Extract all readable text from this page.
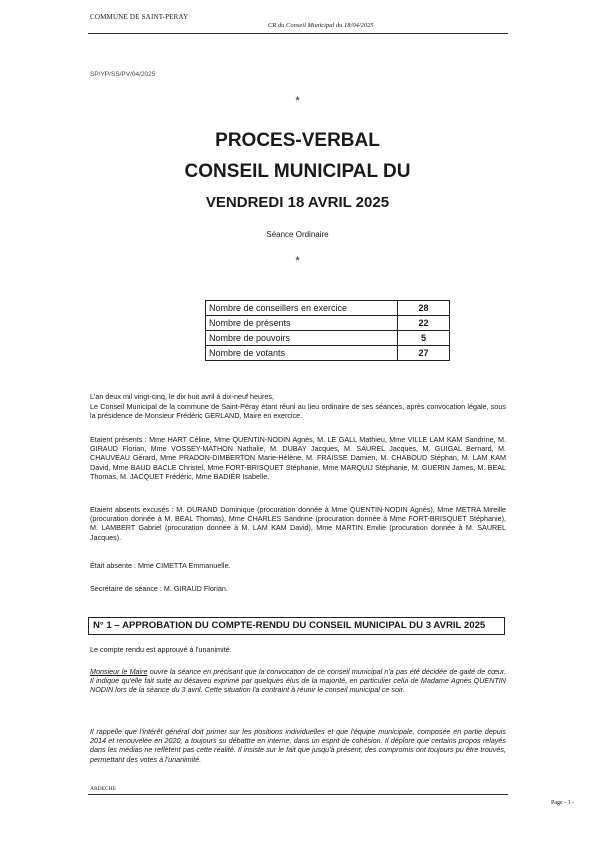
COMMUNE DE SAINT-PERAY
CR du Conseil Municipal du 18/04/2025
SP/YP/SS/PV/04/2025
*
PROCES-VERBAL
CONSEIL MUNICIPAL DU
VENDREDI 18 AVRIL 2025
Séance Ordinaire
*
Nombre de conseillers en exercice	28
Nombre de présents	22
Nombre de pouvoirs	5
Nombre de votants	27
L'an deux mil vingt-cinq, le dix huit avril à dix-neuf heures,
Le Conseil Municipal de la commune de Saint-Péray étant réuni au lieu ordinaire de ses séances, après convocation légale, sous la présidence de Monsieur Frédéric GERLAND, Maire en exercice.
Etaient présents : Mme HART Céline, Mme QUENTIN-NODIN Agnès, M. LE GALL Mathieu, Mme VILLE LAM KAM Sandrine, M. GIRAUD Florian, Mme VOSSEY-MATHON Nathalie, M. DUBAY Jacques, M. SAUREL Jacques, M. GUIGAL Bernard, M. CHAUVEAU Gérard, Mme PRADON-DIMBERTON Marie-Hélène, M. FRAISSE Damien, M. CHABOUD Stéphan, M. LAM KAM David, Mme BAUD BACLE Christel, Mme FORT-BRISQUET Stéphanie, Mme MARQUIJ Stéphanie, M. GUERIN James, M. BEAL Thomas, M. JACQUET Frédéric, Mme BADIER Isabelle.
Etaient absents excusés : M. DURAND Dominique (procuration donnée à Mme QUENTIN-NODIN Agnès), Mme METRA Mireille (procuration donnée à M. BEAL Thomas), Mme CHARLES Sandrine (procuration donnée à Mme FORT-BRISQUET Stéphanie), M. LAMBERT Gabriel (procuration donnée à M. LAM KAM David), Mme MARTIN Emilie (procuration donnée à M. SAUREL Jacques).
Était absente : Mme CIMETTA Emmanuelle.
Secrétaire de séance : M. GIRAUD Florian.
N° 1 – APPROBATION DU COMPTE-RENDU DU CONSEIL MUNICIPAL DU 3 AVRIL 2025
Le compte rendu est approuvé à l'unanimité.
Monsieur le Maire ouvre la séance en précisant que la convocation de ce conseil municipal n'a pas été décidée de gaité de cœur. Il indique qu'elle fait suite au désaveu exprimé par quelques élus de la majorité, en particulier celui de Madame Agnès QUENTIN NODIN lors de la séance du 3 avril. Cette situation l'a contraint à réunir le conseil municipal ce soir.
Il rappelle que l'intérêt général doit primer sur les positions individuelles et que l'équipe municipale, composée en partie depuis 2014 et renouvelée en 2020, a toujours su débattre en interne, dans un esprit de cohésion. Il déplore que certains propos relayés dans les médias ne reflètent pas cette réalité. Il insiste sur le fait que jusqu'à présent, des compromis ont toujours pu être trouvés, permettant des votes à l'unanimité.
ARDECHE
Page - 1 -
